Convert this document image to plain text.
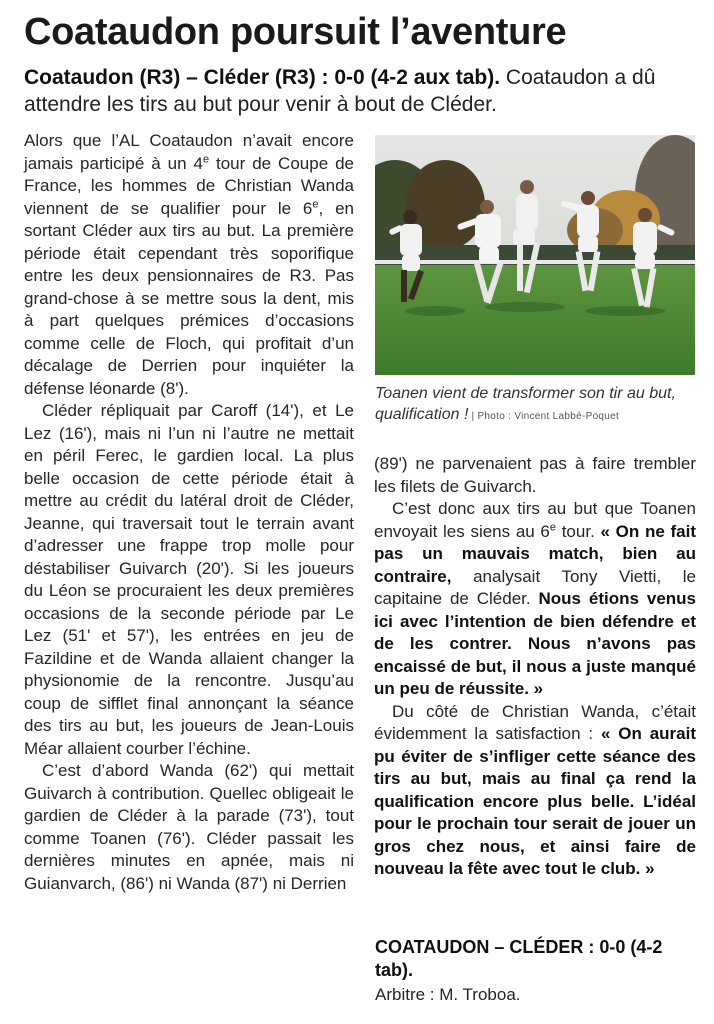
Coataudon poursuit l’aventure

Coataudon (R3) – Cléder (R3) : 0-0 (4-2 aux tab). Coataudon a dû attendre les tirs au but pour venir à bout de Cléder.

Alors que l’AL Coataudon n’avait encore jamais participé à un 4e tour de Coupe de France, les hommes de Christian Wanda viennent de se qualifier pour le 6e, en sortant Cléder aux tirs au but. La première période était cependant très soporifique entre les deux pensionnaires de R3. Pas grand-chose à se mettre sous la dent, mis à part quelques prémices d’occasions comme celle de Floch, qui profitait d’un décalage de Derrien pour inquiéter la défense léonarde (8').

Cléder répliquait par Caroff (14'), et Le Lez (16'), mais ni l’un ni l’autre ne mettait en péril Ferec, le gardien local. La plus belle occasion de cette période était à mettre au crédit du latéral droit de Cléder, Jeanne, qui traversait tout le terrain avant d’adresser une frappe trop molle pour déstabiliser Guivarch (20'). Si les joueurs du Léon se procuraient les deux premières occasions de la seconde période par Le Lez (51' et 57'), les entrées en jeu de Fazildine et de Wanda allaient changer la physionomie de la rencontre. Jusqu’au coup de sifflet final annonçant la séance des tirs au but, les joueurs de Jean-Louis Méar allaient courber l’échine.

C’est d’abord Wanda (62') qui mettait Guivarch à contribution. Quellec obligeait le gardien de Cléder à la parade (73'), tout comme Toanen (76'). Cléder passait les dernières minutes en apnée, mais ni Guianvarch, (86') ni Wanda (87') ni Derrien

Toanen vient de transformer son tir au but, qualification ! | Photo : Vincent Labbé-Poquet

(89') ne parvenaient pas à faire trembler les filets de Guivarch.

C’est donc aux tirs au but que Toanen envoyait les siens au 6e tour. « On ne fait pas un mauvais match, bien au contraire, analysait Tony Vietti, le capitaine de Cléder. Nous étions venus ici avec l’intention de bien défendre et de les contrer. Nous n’avons pas encaissé de but, il nous a juste manqué un peu de réussite. »

Du côté de Christian Wanda, c’était évidemment la satisfaction : « On aurait pu éviter de s’infliger cette séance des tirs au but, mais au final ça rend la qualification encore plus belle. L’idéal pour le prochain tour serait de jouer un gros chez nous, et ainsi faire de nouveau la fête avec tout le club. »

COATAUDON – CLÉDER : 0-0 (4-2 tab).

Arbitre : M. Troboa.
